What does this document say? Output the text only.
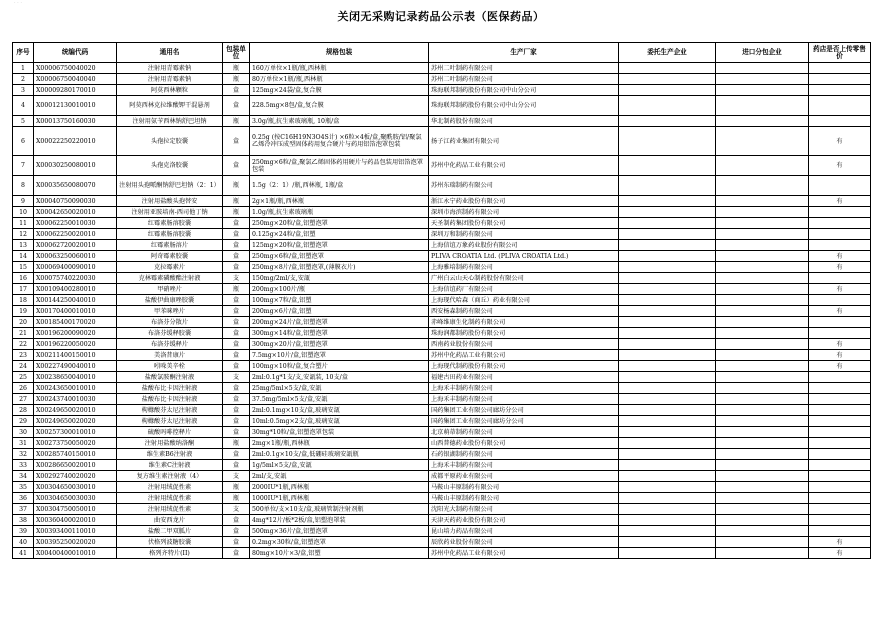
· · ·
关闭无采购记录药品公示表（医保药品）
序号	统编代码	通用名	包装单位	规格包装	生产厂家	委托生产企业	进口分包企业	药店是否上传零售价
1	X00006750040020	注射用青霉素钠	瓶	160万单位×1瓶/瓶,西林瓶	苏州二叶制药有限公司			
2	X00006750040040	注射用青霉素钠	瓶	80万单位×1瓶/瓶,西林瓶	苏州二叶制药有限公司			
3	X00009280170010	阿莫西林颗粒	盒	125mg×24袋/盒,复合膜	珠海联邦制药股份有限公司中山分公司			
4	X00012130010010	阿莫西林克拉维酸钾干混悬剂	盒	228.5mg×8包/盒,复合膜	珠海联邦制药股份有限公司中山分公司			
5	X00013750160030	注射用氨苄西林钠舒巴坦钠	瓶	3.0g/瓶,抗生素玻璃瓶, 10瓶/盒	华北制药股份有限公司			
6	X00022250220010	头孢拉定胶囊	盒	0.25g (按C16H19N3O4S计) ×6粒×4板/盒,聚酰胺/铝/聚氯乙烯冷冲压成型固体药用复合硬片与药用铝箔泡罩包装	扬子江药业集团有限公司			有
7	X00030250080010	头孢克洛胶囊	盒	250mg×6粒/盒,聚氯乙烯固体药用硬片与药品包装用铝箔泡罩包装	苏州中化药品工业有限公司			有
8	X00035650080070	注射用头孢哌酮钠舒巴坦钠（2：1）	瓶	1.5g（2：1）/瓶,西林瓶, 1瓶/盒	苏州东瑞制药有限公司			
9	X00040750090030	注射用盐酸头孢替安	瓶	2g×1瓶/瓶,西林瓶	浙江永宁药业股份有限公司			有
10	X00042650020010	注射用亚胺培南-西司他丁钠	瓶	1.0g/瓶,抗生素玻璃瓶	深圳市海滨制药有限公司			
11	X00062250010030	红霉素肠溶胶囊	盒	250mg×20粒/盒,铝塑泡罩	天圣制药集团股份有限公司			
12	X00062250020010	红霉素肠溶胶囊	盒	0.125g×24粒/盒,铝塑	深圳万和制药有限公司			
13	X00062720020010	红霉素肠溶片	盒	125mg×20粒/盒,铝塑泡罩	上海信谊万象药业股份有限公司			
14	X00063250060010	阿奇霉素胶囊	盒	250mg×6粒/盒,铝塑泡罩	PLIVA CROATIA Ltd. (PLIVA CROATIA Ltd.)			有
15	X00069400090010	克拉霉素片	盒	250mg×8片/盒,铝塑泡罩,(薄膜衣片)	上海雅培制药有限公司			有
16	X00075740220030	克林霉素磷酸酯注射液	支	150mg/2ml/支,安瓿	广州白云山天心制药股份有限公司			
17	X00109400280010	甲硝唑片	瓶	200mg×100片/瓶	上海信谊药厂有限公司			有
18	X00144250040010	盐酸伊曲康唑胶囊	盒	100mg×7粒/盒,铝塑	上海现代哈森（商丘）药业有限公司			
19	X00170400010010	甲苯咪唑片	盒	200mg×6片/盒,铝塑	西安杨森制药有限公司			有
20	X00185400170020	布洛芬分散片	盒	200mg×24片/盒,铝塑泡罩	赤峰维康生化制药有限公司			
21	X00196200090020	布洛芬缓释胶囊	盒	300mg×14粒/盒,铝塑泡罩	珠海润都制药股份有限公司			
22	X00196220050020	布洛芬缓释片	盒	300mg×20片/盒,铝塑泡罩	西南药业股份有限公司			有
23	X00211400150010	美洛昔康片	盒	7.5mg×10片/盒,铝塑泡罩	苏州中化药品工业有限公司			有
24	X00227490040010	吲哚美辛栓	盒	100mg×10粒/盒,复合塑片	上海现代制药股份有限公司			有
25	X00238650040010	盐酸氯胺酮注射液	支	2ml:0.1g*1支/支,安瓿装, 10支/盒	福建古田药业有限公司			
26	X00243650010010	盐酸布比卡因注射液	盒	25mg/5ml×5支/盒,安瓿	上海禾丰制药有限公司			
27	X00243740010030	盐酸布比卡因注射液	盒	37.5mg/5ml×5支/盒,安瓿	上海禾丰制药有限公司			
28	X00249650020010	枸橼酸芬太尼注射液	盒	2ml:0.1mg×10支/盒,玻璃安瓿	国药集团工业有限公司廊坊分公司			
29	X00249650020020	枸橼酸芬太尼注射液	盒	10ml:0.5mg×2支/盒,玻璃安瓿	国药集团工业有限公司廊坊分公司			
30	X00257300010010	硫酸吗啡控释片	盒	30mg*10粒/盒,铝塑泡罩包装	北京萌蒂制药有限公司			
31	X00273750050020	注射用盐酸纳洛酮	瓶	2mg×1瓶/瓶,西林瓶	山西普德药业股份有限公司			
32	X00285740150010	维生素B6注射液	盒	2ml:0.1g×10支/盒,低硼硅玻璃安瓿瓶	石药银湖制药有限公司			
33	X00286650020010	维生素C注射液	盒	1g/5ml×5支/盒,安瓿	上海禾丰制药有限公司			
34	X00292740020020	复方维生素注射液（4）	支	2ml/支,安瓿	成都平原药业有限公司			
35	X00304650030010	注射用绒促性素	瓶	2000IU*1瓶,西林瓶	马鞍山丰原制药有限公司			
36	X00304650030030	注射用绒促性素	瓶	1000IU*1瓶,西林瓶	马鞍山丰原制药有限公司			
37	X00304750050010	注射用绒促性素	支	500单位/支×10支/盒,玻璃管制注射剂瓶	沈阳光大制药有限公司			
38	X00360400020010	曲安西龙片	盒	4mg*12片/板*2板/盒,铝塑泡罩装	天津天药药业股份有限公司			
39	X00393400110010	盐酸二甲双胍片	盒	500mg×36片/盒,铝塑泡罩	昆山培力药品有限公司			
40	X00395250020020	伏格列波糖胶囊	盒	0.2mg×30粒/盒,铝塑泡罩	辰欣药业股份有限公司			有
41	X00400400010010	格列齐特片(II)	盒	80mg×10片×3/盒,铝塑	苏州中化药品工业有限公司			有
